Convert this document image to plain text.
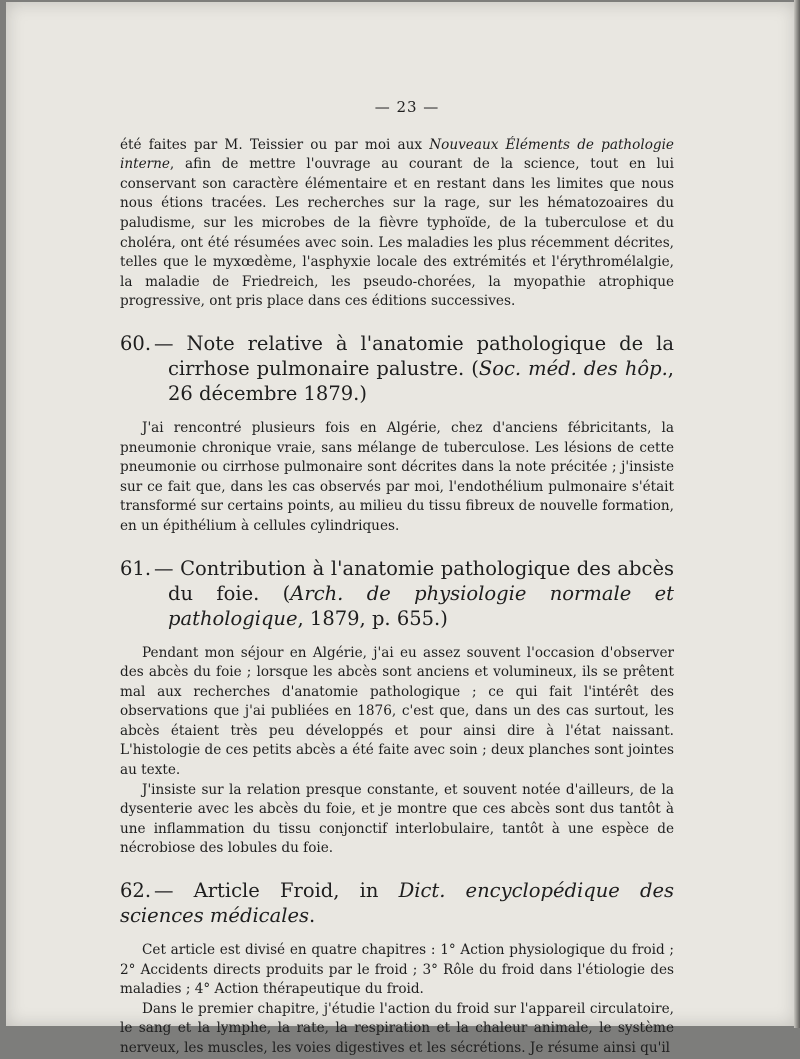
— 23 —

été faites par M. Teissier ou par moi aux Nouveaux Éléments de pathologie interne, afin de mettre l'ouvrage au courant de la science, tout en lui conservant son caractère élémentaire et en restant dans les limites que nous nous étions tracées. Les recherches sur la rage, sur les hématozoaires du paludisme, sur les microbes de la fièvre typhoïde, de la tuberculose et du choléra, ont été résumées avec soin. Les maladies les plus récemment décrites, telles que le myxœdème, l'asphyxie locale des extrémités et l'érythromélalgie, la maladie de Friedreich, les pseudo-chorées, la myopathie atrophique progressive, ont pris place dans ces éditions successives.

60. — Note relative à l'anatomie pathologique de la cirrhose pulmonaire palustre. (Soc. méd. des hôp., 26 décembre 1879.)

J'ai rencontré plusieurs fois en Algérie, chez d'anciens fébricitants, la pneumonie chronique vraie, sans mélange de tuberculose. Les lésions de cette pneumonie ou cirrhose pulmonaire sont décrites dans la note précitée ; j'insiste sur ce fait que, dans les cas observés par moi, l'endothélium pulmonaire s'était transformé sur certains points, au milieu du tissu fibreux de nouvelle formation, en un épithélium à cellules cylindriques.

61. — Contribution à l'anatomie pathologique des abcès du foie. (Arch. de physiologie normale et pathologique, 1879, p. 655.)

Pendant mon séjour en Algérie, j'ai eu assez souvent l'occasion d'observer des abcès du foie ; lorsque les abcès sont anciens et volumineux, ils se prêtent mal aux recherches d'anatomie pathologique ; ce qui fait l'intérêt des observations que j'ai publiées en 1876, c'est que, dans un des cas surtout, les abcès étaient très peu développés et pour ainsi dire à l'état naissant. L'histologie de ces petits abcès a été faite avec soin ; deux planches sont jointes au texte.

J'insiste sur la relation presque constante, et souvent notée d'ailleurs, de la dysenterie avec les abcès du foie, et je montre que ces abcès sont dus tantôt à une inflammation du tissu conjonctif interlobulaire, tantôt à une espèce de nécrobiose des lobules du foie.

62. — Article Froid, in Dict. encyclopédique des sciences médicales.

Cet article est divisé en quatre chapitres : 1° Action physiologique du froid ; 2° Accidents directs produits par le froid ; 3° Rôle du froid dans l'étiologie des maladies ; 4° Action thérapeutique du froid.

Dans le premier chapitre, j'étudie l'action du froid sur l'appareil circulatoire, le sang et la lymphe, la rate, la respiration et la chaleur animale, le système nerveux, les muscles, les voies digestives et les sécrétions. Je résume ainsi qu'il
